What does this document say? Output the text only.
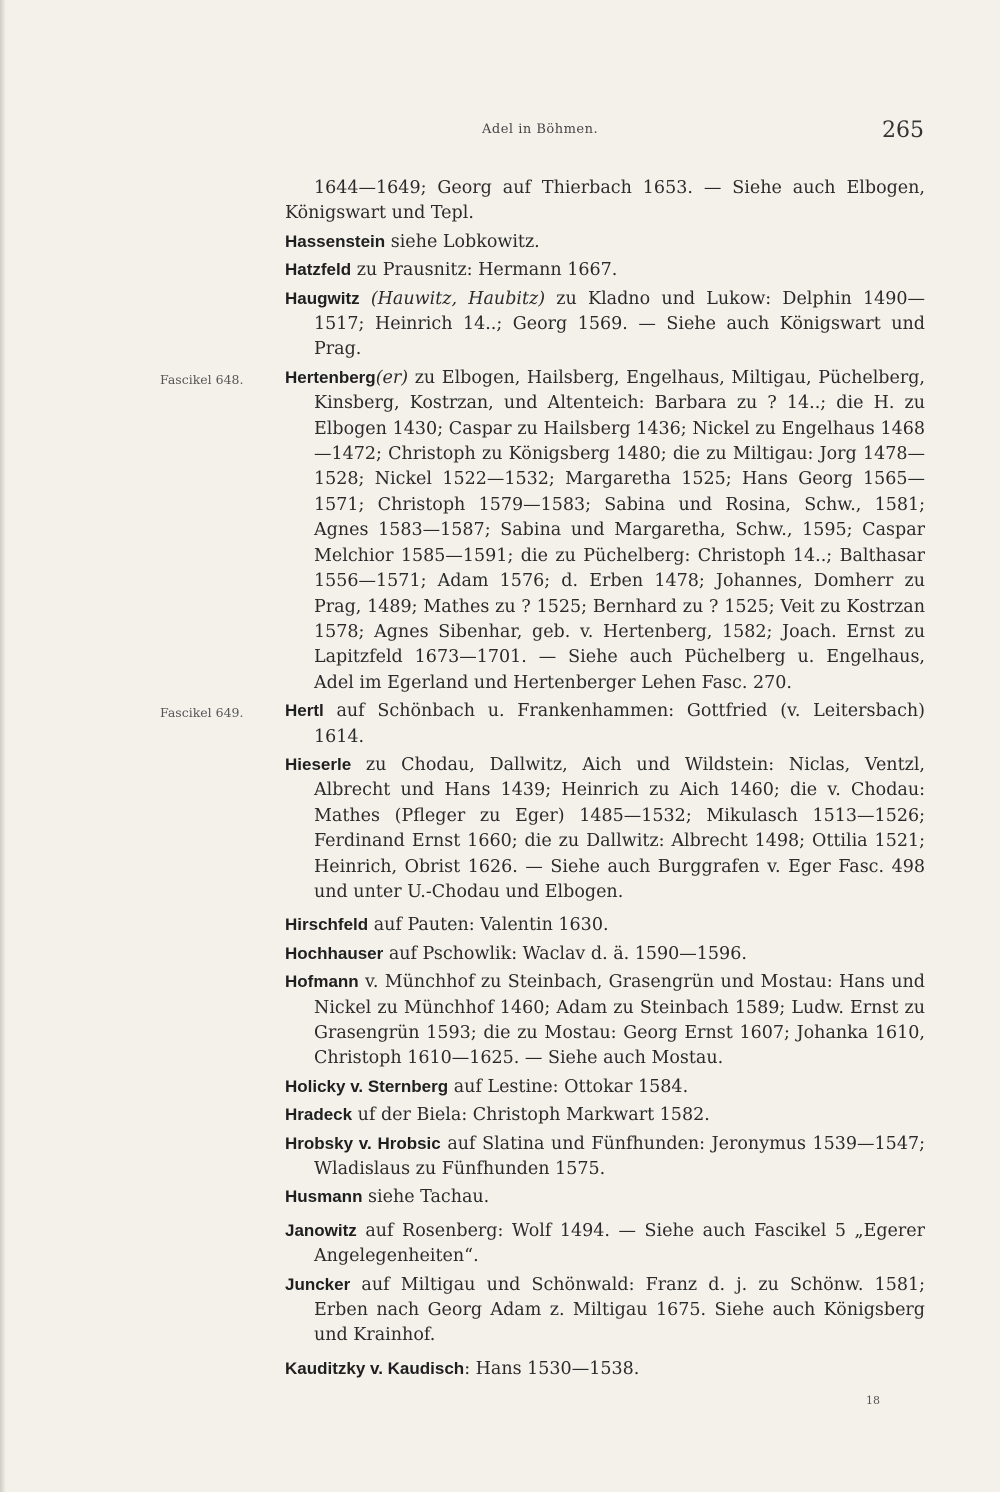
Adel in Böhmen.	265

1644—1649; Georg auf Thierbach 1653. — Siehe auch Elbogen, Königswart und Tepl.

Hassenstein siehe Lobkowitz.

Hatzfeld zu Prausnitz: Hermann 1667.

Haugwitz (Hauwitz, Haubitz) zu Kladno und Lukow: Delphin 1490—1517; Heinrich 14..; Georg 1569. — Siehe auch Königswart und Prag.

Fascikel 648. Hertenberg(er) zu Elbogen, Hailsberg, Engelhaus, Miltigau, Püchelberg, Kinsberg, Kostrzan, und Altenteich: Barbara zu ? 14..; die H. zu Elbogen 1430; Caspar zu Hailsberg 1436; Nickel zu Engelhaus 1468—1472; Christoph zu Königsberg 1480; die zu Miltigau: Jorg 1478—1528; Nickel 1522—1532; Margaretha 1525; Hans Georg 1565—1571; Christoph 1579—1583; Sabina und Rosina, Schw., 1581; Agnes 1583—1587; Sabina und Margaretha, Schw., 1595; Caspar Melchior 1585—1591; die zu Püchelberg: Christoph 14..; Balthasar 1556—1571; Adam 1576; d. Erben 1478; Johannes, Domherr zu Prag, 1489; Mathes zu ? 1525; Bernhard zu ? 1525; Veit zu Kostrzan 1578; Agnes Sibenhar, geb. v. Hertenberg, 1582; Joach. Ernst zu Lapitzfeld 1673—1701. — Siehe auch Püchelberg u. Engelhaus, Adel im Egerland und Hertenberger Lehen Fasc. 270.

Fascikel 649. Hertl auf Schönbach u. Frankenhammen: Gottfried (v. Leitersbach) 1614.

Hieserle zu Chodau, Dallwitz, Aich und Wildstein: Niclas, Ventzl, Albrecht und Hans 1439; Heinrich zu Aich 1460; die v. Chodau: Mathes (Pfleger zu Eger) 1485—1532; Mikulasch 1513—1526; Ferdinand Ernst 1660; die zu Dallwitz: Albrecht 1498; Ottilia 1521; Heinrich, Obrist 1626. — Siehe auch Burggrafen v. Eger Fasc. 498 und unter U.-Chodau und Elbogen.

Hirschfeld auf Pauten: Valentin 1630.

Hochhauser auf Pschowlik: Waclav d. ä. 1590—1596.

Hofmann v. Münchhof zu Steinbach, Grasengrün und Mostau: Hans und Nickel zu Münchhof 1460; Adam zu Steinbach 1589; Ludw. Ernst zu Grasengrün 1593; die zu Mostau: Georg Ernst 1607; Johanka 1610, Christoph 1610—1625. — Siehe auch Mostau.

Holicky v. Sternberg auf Lestine: Ottokar 1584.

Hradeck uf der Biela: Christoph Markwart 1582.

Hrobsky v. Hrobsic auf Slatina und Fünfhunden: Jeronymus 1539—1547; Wladislaus zu Fünfhunden 1575.

Husmann siehe Tachau.

Janowitz auf Rosenberg: Wolf 1494. — Siehe auch Fascikel 5 „Egerer Angelegenheiten“.

Juncker auf Miltigau und Schönwald: Franz d. j. zu Schönw. 1581; Erben nach Georg Adam z. Miltigau 1675. Siehe auch Königsberg und Krainhof.

Kauditzky v. Kaudisch: Hans 1530—1538.

18
